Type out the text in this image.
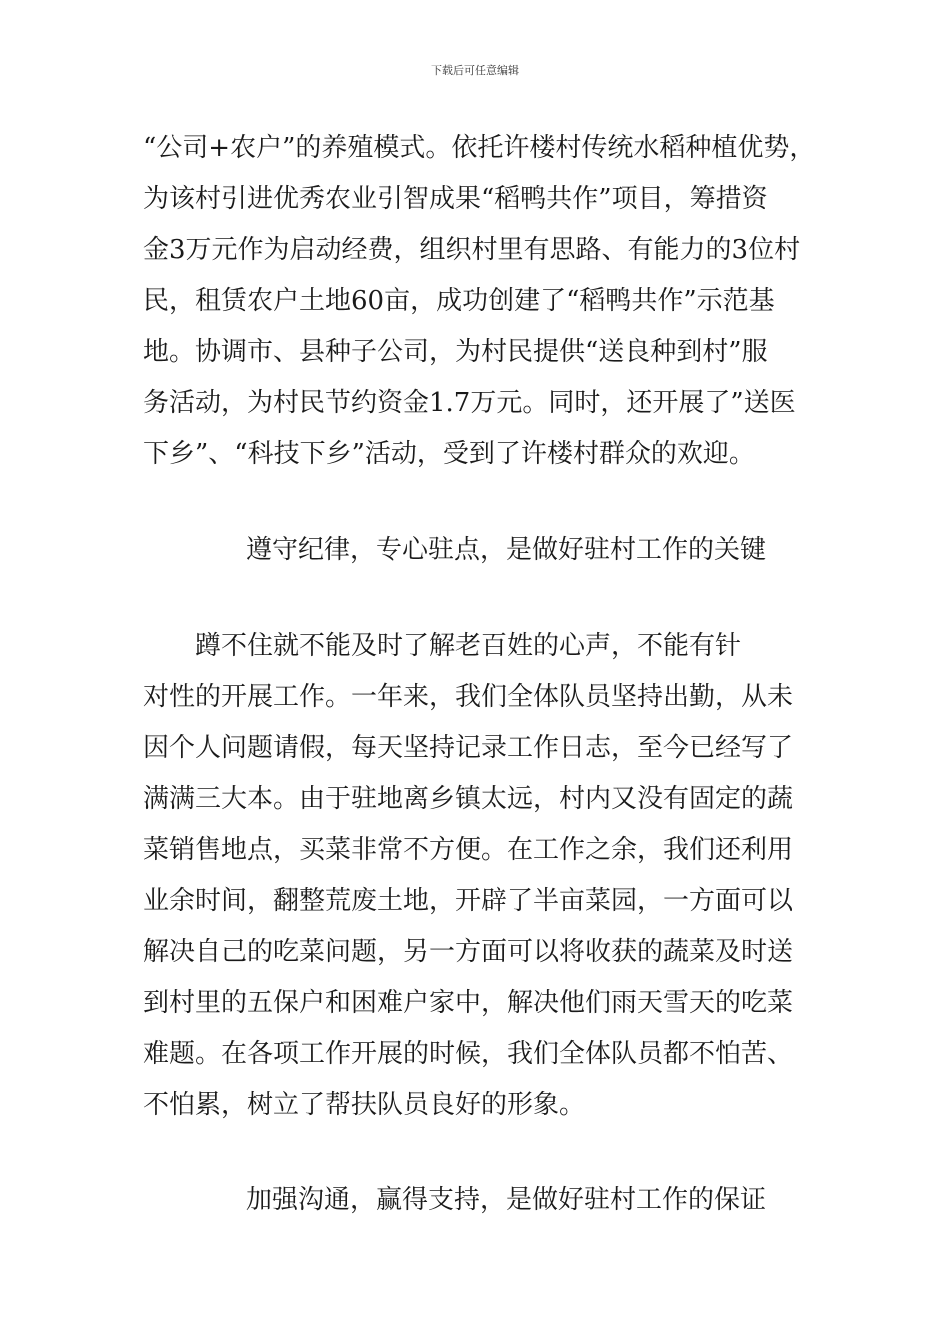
下载后可任意编辑
“公司+农户”的养殖模式。依托许楼村传统水稻种植优势，
为该村引进优秀农业引智成果“稻鸭共作”项目，筹措资
金3万元作为启动经费，组织村里有思路、有能力的3位村
民，租赁农户土地60亩，成功创建了“稻鸭共作”示范基
地。协调市、县种子公司，为村民提供“送良种到村”服
务活动，为村民节约资金1.7万元。同时，还开展了”送医
下乡”、“科技下乡”活动，受到了许楼村群众的欢迎。
遵守纪律，专心驻点，是做好驻村工作的关键
　　蹲不住就不能及时了解老百姓的心声，不能有针
对性的开展工作。一年来，我们全体队员坚持出勤，从未
因个人问题请假，每天坚持记录工作日志，至今已经写了
满满三大本。由于驻地离乡镇太远，村内又没有固定的蔬
菜销售地点，买菜非常不方便。在工作之余，我们还利用
业余时间，翻整荒废土地，开辟了半亩菜园，一方面可以
解决自己的吃菜问题，另一方面可以将收获的蔬菜及时送
到村里的五保户和困难户家中，解决他们雨天雪天的吃菜
难题。在各项工作开展的时候，我们全体队员都不怕苦、
不怕累，树立了帮扶队员良好的形象。
加强沟通，赢得支持，是做好驻村工作的保证
